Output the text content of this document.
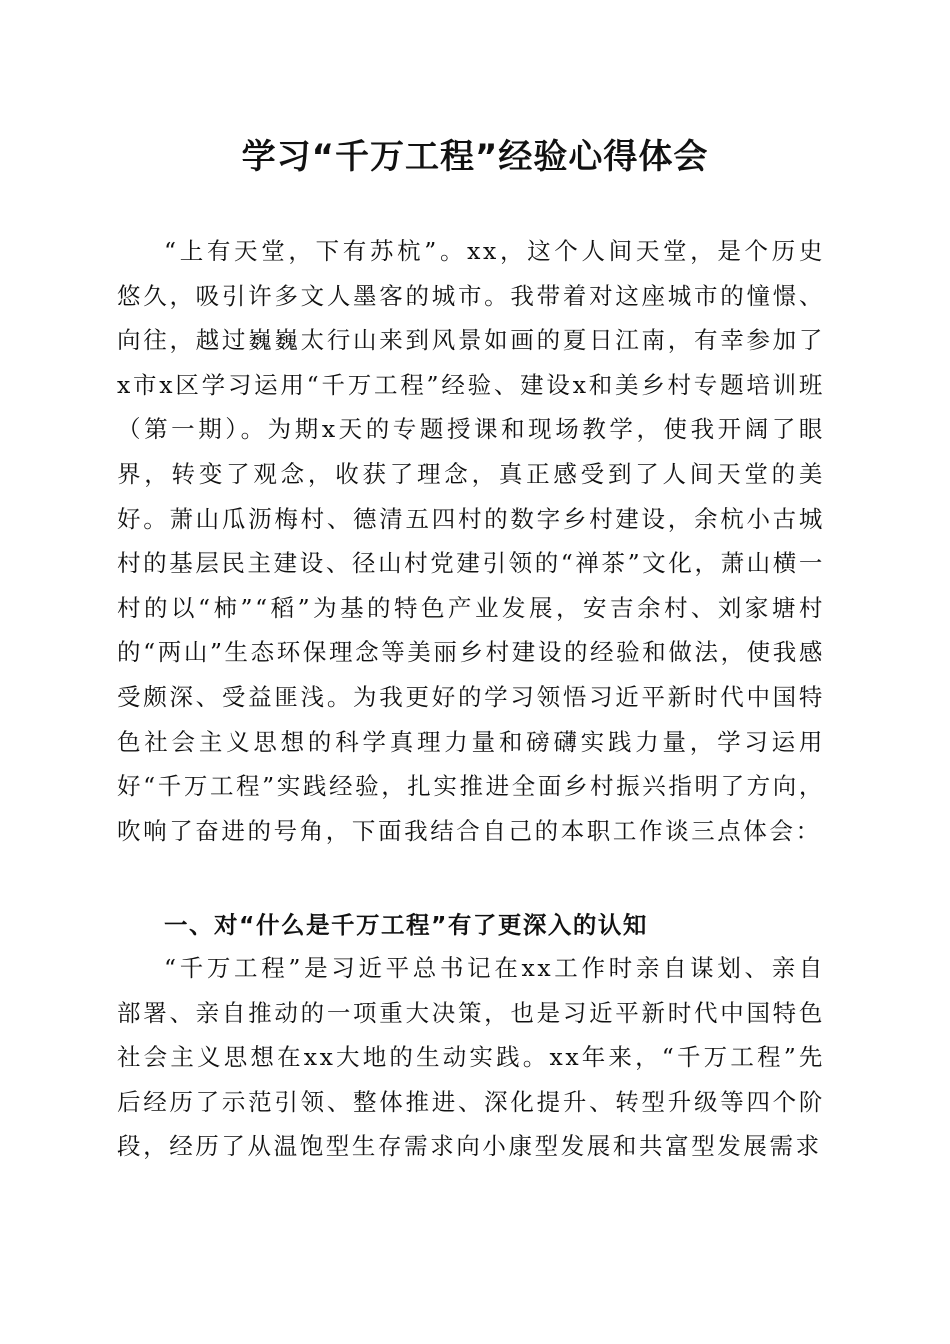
学习“千万工程”经验心得体会

“上有天堂，下有苏杭”。xx，这个人间天堂，是个历史悠久，吸引许多文人墨客的城市。我带着对这座城市的憧憬、向往，越过巍巍太行山来到风景如画的夏日江南，有幸参加了x市x区学习运用“千万工程”经验、建设x和美乡村专题培训班（第一期）。为期x天的专题授课和现场教学，使我开阔了眼界，转变了观念，收获了理念，真正感受到了人间天堂的美好。萧山瓜沥梅村、德清五四村的数字乡村建设，余杭小古城村的基层民主建设、径山村党建引领的“禅茶”文化，萧山横一村的以“柿”“稻”为基的特色产业发展，安吉余村、刘家塘村的“两山”生态环保理念等美丽乡村建设的经验和做法，使我感受颇深、受益匪浅。为我更好的学习领悟习近平新时代中国特色社会主义思想的科学真理力量和磅礴实践力量，学习运用好“千万工程”实践经验，扎实推进全面乡村振兴指明了方向，吹响了奋进的号角，下面我结合自己的本职工作谈三点体会：

一、对“什么是千万工程”有了更深入的认知

“千万工程”是习近平总书记在xx工作时亲自谋划、亲自部署、亲自推动的一项重大决策，也是习近平新时代中国特色社会主义思想在xx大地的生动实践。xx年来，“千万工程”先后经历了示范引领、整体推进、深化提升、转型升级等四个阶段，经历了从温饱型生存需求向小康型发展和共富型发展需求
